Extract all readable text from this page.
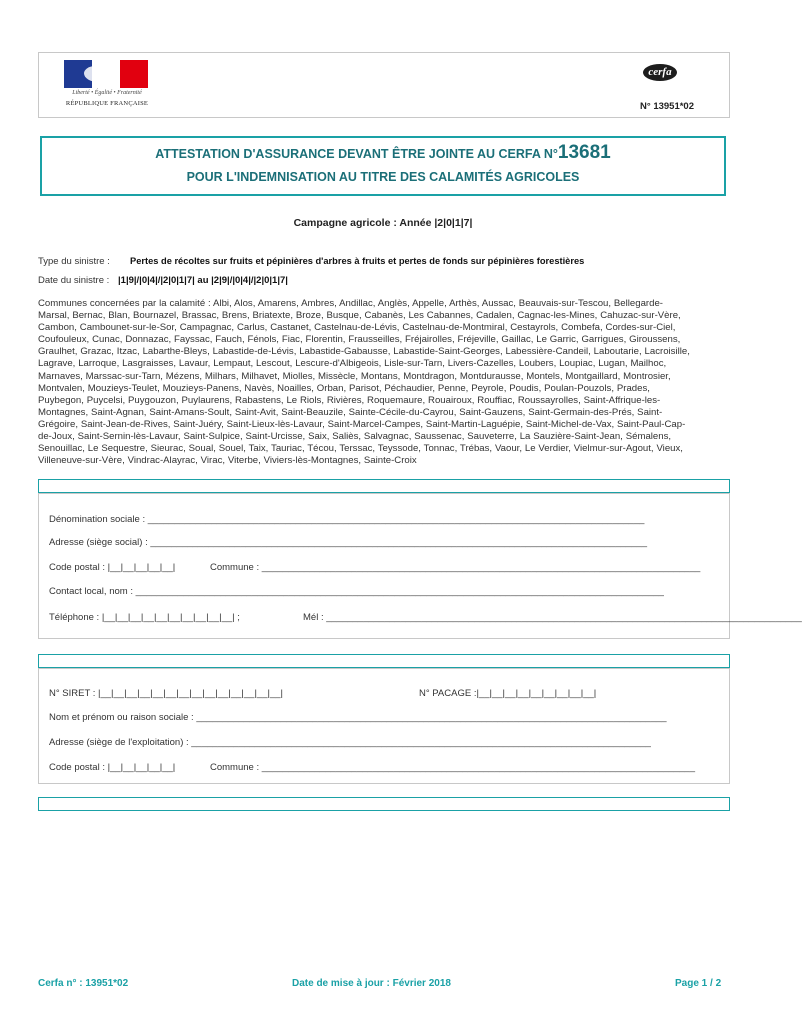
Liberté • Égalité • Fraternité
RÉPUBLIQUE FRANÇAISE
cerfa
N° 13951*02
ATTESTATION D'ASSURANCE DEVANT ÊTRE JOINTE AU CERFA N°13681
POUR L'INDEMNISATION AU TITRE DES CALAMITÉS AGRICOLES
Campagne agricole : Année |2|0|1|7|
Type du sinistre : Pertes de récoltes sur fruits et pépinières d'arbres à fruits et pertes de fonds sur pépinières forestières
Date du sinistre : |1|9|/|0|4|/|2|0|1|7| au |2|9|/|0|4|/|2|0|1|7|
Communes concernées par la calamité : Albi, Alos, Amarens, Ambres, Andillac, Anglès, Appelle, Arthès, Aussac, Beauvais-sur-Tescou, Bellegarde-
Marsal, Bernac, Blan, Bournazel, Brassac, Brens, Briatexte, Broze, Busque, Cabanès, Les Cabannes, Cadalen, Cagnac-les-Mines, Cahuzac-sur-Vère,
Cambon, Cambounet-sur-le-Sor, Campagnac, Carlus, Castanet, Castelnau-de-Lévis, Castelnau-de-Montmiral, Cestayrols, Combefa, Cordes-sur-Ciel,
Coufouleux, Cunac, Donnazac, Fayssac, Fauch, Fénols, Fiac, Florentin, Frausseilles, Fréjairolles, Fréjeville, Gaillac, Le Garric, Garrigues, Giroussens,
Graulhet, Grazac, Itzac, Labarthe-Bleys, Labastide-de-Lévis, Labastide-Gabausse, Labastide-Saint-Georges, Labessière-Candeil, Laboutarie, Lacroisille,
Lagrave, Larroque, Lasgraisses, Lavaur, Lempaut, Lescout, Lescure-d'Albigeois, Lisle-sur-Tarn, Livers-Cazelles, Loubers, Loupiac, Lugan, Mailhoc,
Marnaves, Marssac-sur-Tarn, Mézens, Milhars, Milhavet, Miolles, Missècle, Montans, Montdragon, Montdurausse, Montels, Montgaillard, Montrosier,
Montvalen, Mouzieys-Teulet, Mouzieys-Panens, Navès, Noailles, Orban, Parisot, Péchaudier, Penne, Peyrole, Poudis, Poulan-Pouzols, Prades,
Puybegon, Puycelsi, Puygouzon, Puylaurens, Rabastens, Le Riols, Rivières, Roquemaure, Rouairoux, Rouffiac, Roussayrolles, Saint-Affrique-les-
Montagnes, Saint-Agnan, Saint-Amans-Soult, Saint-Avit, Saint-Beauzile, Sainte-Cécile-du-Cayrou, Saint-Gauzens, Saint-Germain-des-Prés, Saint-
Grégoire, Saint-Jean-de-Rives, Saint-Juéry, Saint-Lieux-lès-Lavaur, Saint-Marcel-Campes, Saint-Martin-Laguépie, Saint-Michel-de-Vax, Saint-Paul-Cap-
de-Joux, Saint-Sernin-lès-Lavaur, Saint-Sulpice, Saint-Urcisse, Saix, Saliès, Salvagnac, Saussenac, Sauveterre, La Sauzière-Saint-Jean, Sémalens,
Senouillac, Le Sequestre, Sieurac, Soual, Souel, Taix, Tauriac, Técou, Terssac, Teyssode, Tonnac, Trébas, Vaour, Le Verdier, Vielmur-sur-Agout, Vieux,
Villeneuve-sur-Vère, Vindrac-Alayrac, Virac, Viterbe, Viviers-lès-Montagnes, Sainte-Croix
Dénomination sociale : ______________________________________________________________________________________________
Adresse (siège social) : ______________________________________________________________________________________________
Code postal : |__|__|__|__|__|	Commune : ___________________________________________________________________________________
Contact local, nom : ____________________________________________________________________________________________________
Téléphone : |__|__|__|__|__|__|__|__|__|__| ;	Mél : __________________________________________________________________________________________
N° SIRET : |__|__|__|__|__|__|__|__|__|__|__|__|__|__|	N° PACAGE :|__|__|__|__|__|__|__|__|__|
Nom et prénom ou raison sociale : _________________________________________________________________________________________
Adresse (siège de l'exploitation) : _______________________________________________________________________________________
Code postal : |__|__|__|__|__|	Commune : __________________________________________________________________________________
Cerfa n° : 13951*02	Date de mise à jour : Février 2018	Page 1 / 2
